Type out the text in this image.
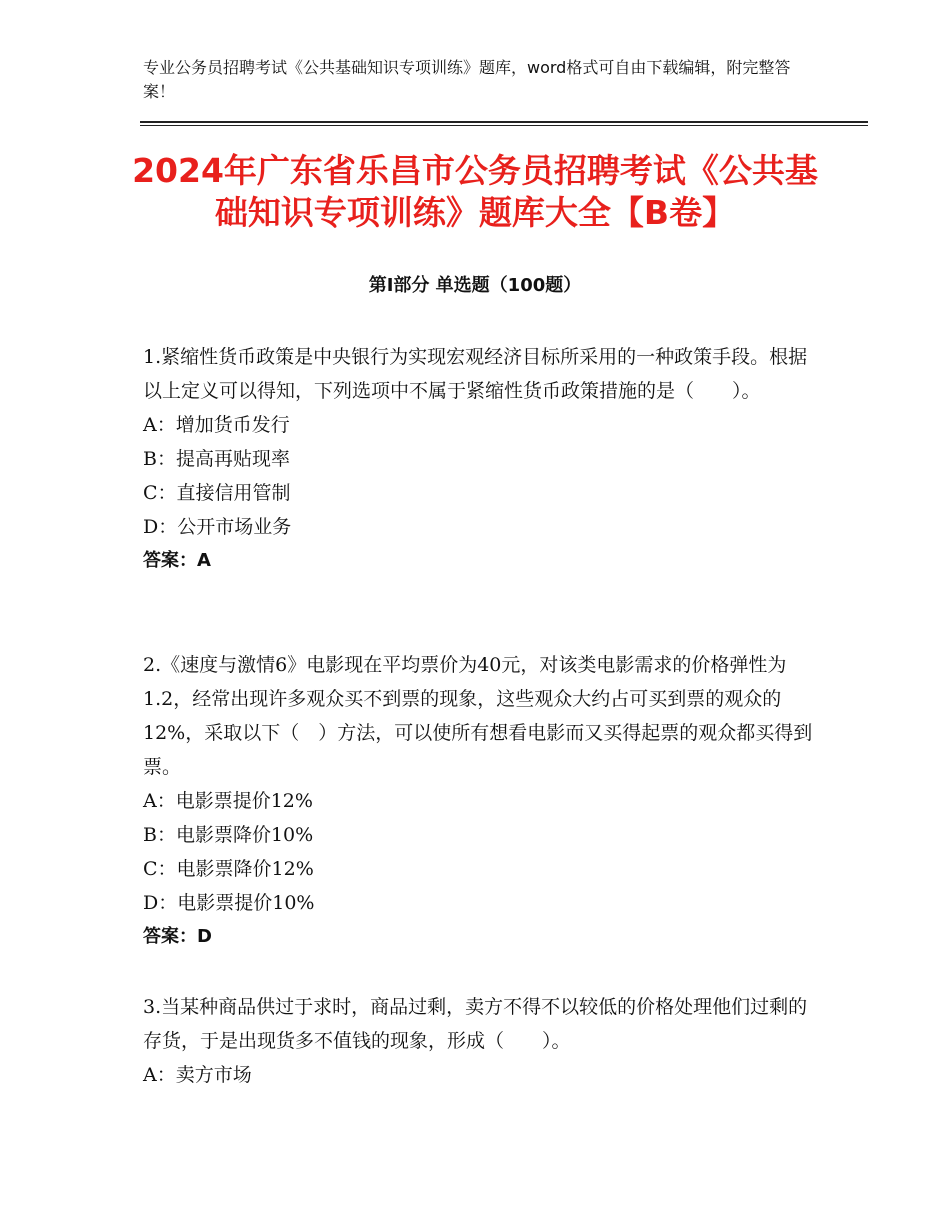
专业公务员招聘考试《公共基础知识专项训练》题库，word格式可自由下载编辑，附完整答案！
2024年广东省乐昌市公务员招聘考试《公共基础知识专项训练》题库大全【B卷】
第Ⅰ部分 单选题（100题）
1.紧缩性货币政策是中央银行为实现宏观经济目标所采用的一种政策手段。根据以上定义可以得知，下列选项中不属于紧缩性货币政策措施的是（　　）。
A：增加货币发行
B：提高再贴现率
C：直接信用管制
D：公开市场业务
答案：A
2.《速度与激情6》电影现在平均票价为40元，对该类电影需求的价格弹性为1.2，经常出现许多观众买不到票的现象，这些观众大约占可买到票的观众的12%，采取以下（　）方法，可以使所有想看电影而又买得起票的观众都买得到票。
A：电影票提价12%
B：电影票降价10%
C：电影票降价12%
D：电影票提价10%
答案：D
3.当某种商品供过于求时，商品过剩，卖方不得不以较低的价格处理他们过剩的存货，于是出现货多不值钱的现象，形成（　　）。
A：卖方市场
